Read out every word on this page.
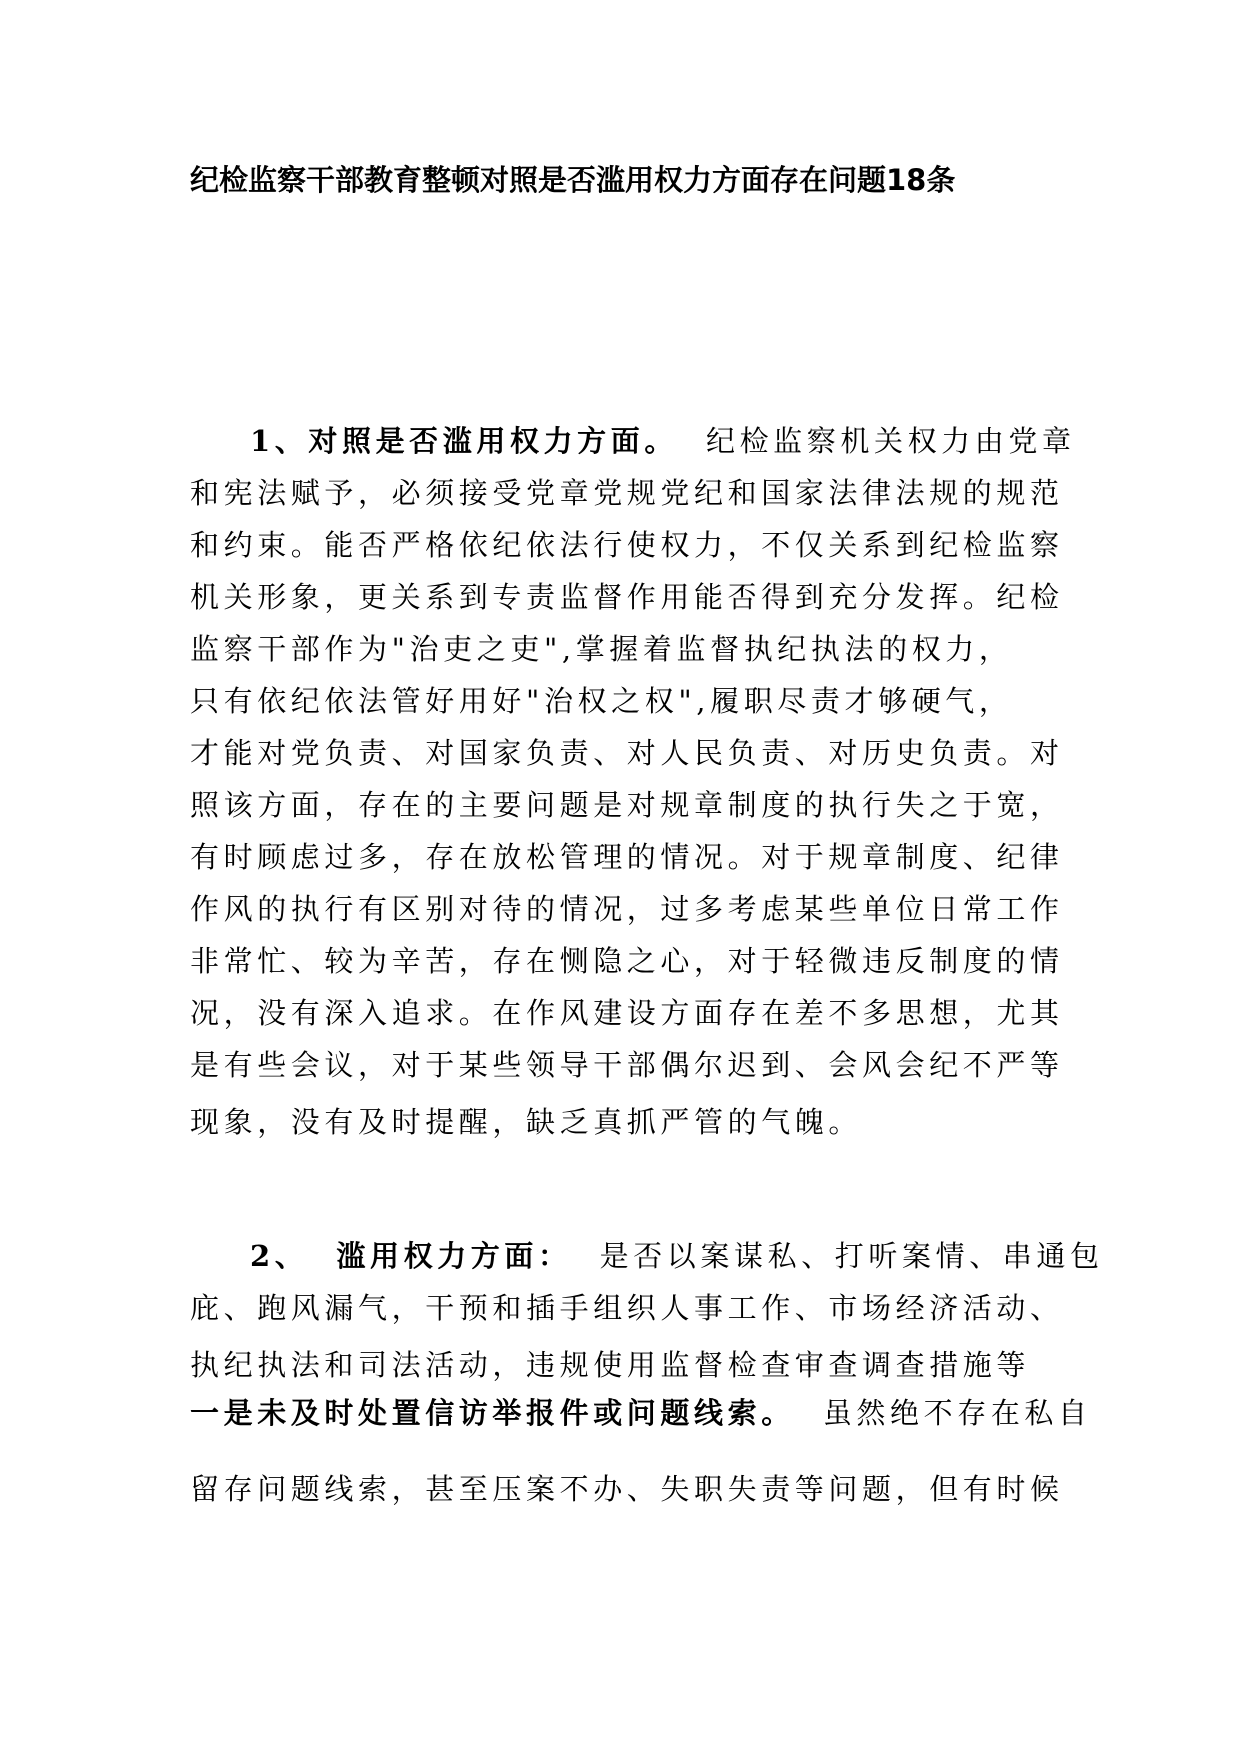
纪检监察干部教育整顿对照是否滥用权力方面存在问题18条
1、对照是否滥用权力方面。 纪检监察机关权力由党章
和宪法赋予，必须接受党章党规党纪和国家法律法规的规范
和约束。能否严格依纪依法行使权力，不仅关系到纪检监察
机关形象，更关系到专责监督作用能否得到充分发挥。纪检
监察干部作为"治吏之吏",掌握着监督执纪执法的权力，
只有依纪依法管好用好"治权之权",履职尽责才够硬气，
才能对党负责、对国家负责、对人民负责、对历史负责。对
照该方面，存在的主要问题是对规章制度的执行失之于宽，
有时顾虑过多，存在放松管理的情况。对于规章制度、纪律
作风的执行有区别对待的情况，过多考虑某些单位日常工作
非常忙、较为辛苦，存在恻隐之心，对于轻微违反制度的情
况，没有深入追求。在作风建设方面存在差不多思想，尤其
是有些会议，对于某些领导干部偶尔迟到、会风会纪不严等
现象，没有及时提醒，缺乏真抓严管的气魄。
2、 滥用权力方面： 是否以案谋私、打听案情、串通包
庇、跑风漏气，干预和插手组织人事工作、市场经济活动、
执纪执法和司法活动，违规使用监督检查审查调查措施等
一是未及时处置信访举报件或问题线索。 虽然绝不存在私自
留存问题线索，甚至压案不办、失职失责等问题，但有时候
